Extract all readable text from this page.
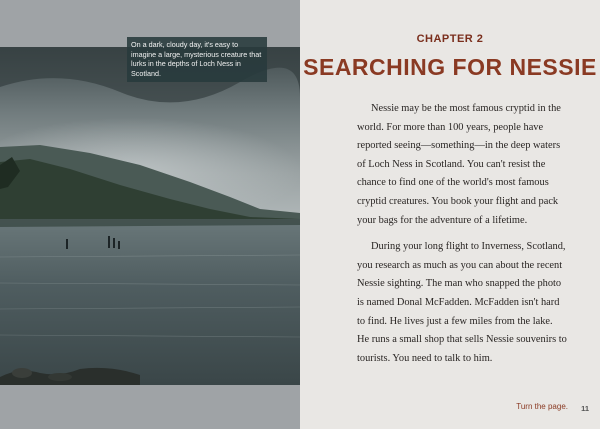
On a dark, cloudy day, it's easy to imagine a large, mysterious creature that lurks in the depths of Loch Ness in Scotland.
CHAPTER 2
SEARCHING FOR NESSIE

Nessie may be the most famous cryptid in the world. For more than 100 years, people have reported seeing—something—in the deep waters of Loch Ness in Scotland. You can't resist the chance to find one of the world's most famous cryptid creatures. You book your flight and pack your bags for the adventure of a lifetime.

During your long flight to Inverness, Scotland, you research as much as you can about the recent Nessie sighting. The man who snapped the photo is named Donal McFadden. McFadden isn't hard to find. He lives just a few miles from the lake. He runs a small shop that sells Nessie souvenirs to tourists. You need to talk to him.

Turn the page. 11
